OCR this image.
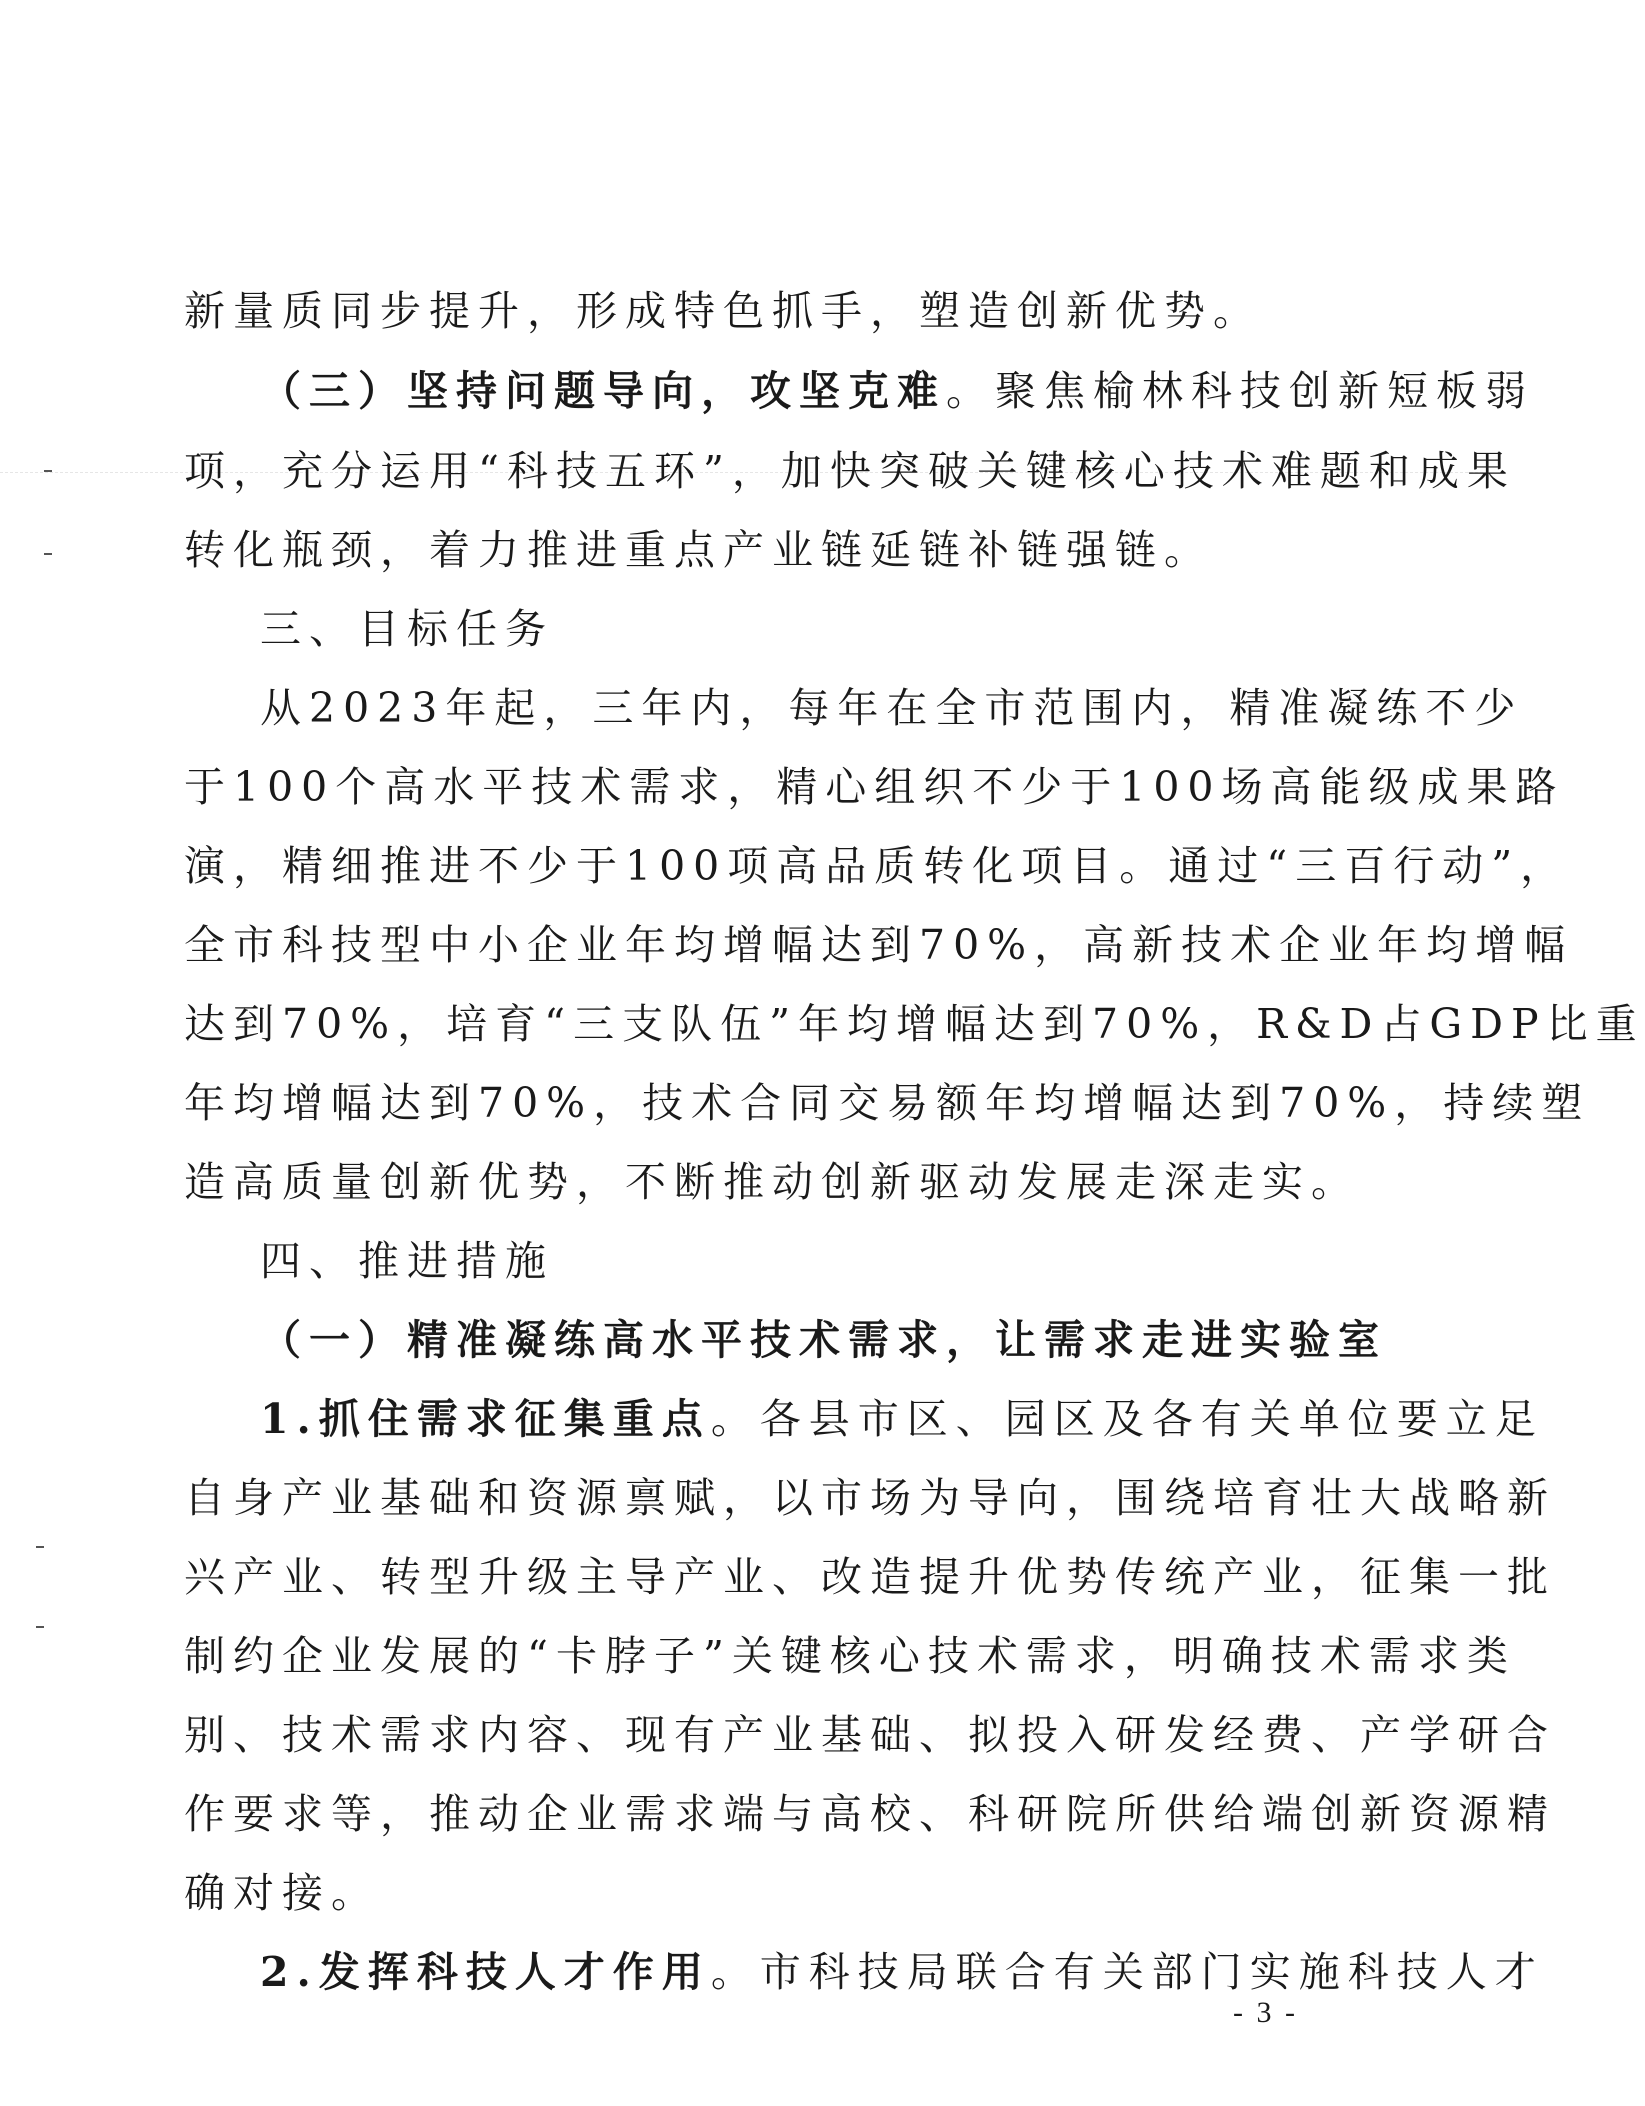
新量质同步提升，形成特色抓手，塑造创新优势。
（三）坚持问题导向，攻坚克难。聚焦榆林科技创新短板弱
项，充分运用“科技五环”，加快突破关键核心技术难题和成果
转化瓶颈，着力推进重点产业链延链补链强链。
三、目标任务
从2023年起，三年内，每年在全市范围内，精准凝练不少
于100个高水平技术需求，精心组织不少于100场高能级成果路
演，精细推进不少于100项高品质转化项目。通过“三百行动”，
全市科技型中小企业年均增幅达到70%，高新技术企业年均增幅
达到70%，培育“三支队伍”年均增幅达到70%，R&D占GDP比重
年均增幅达到70%，技术合同交易额年均增幅达到70%，持续塑
造高质量创新优势，不断推动创新驱动发展走深走实。
四、推进措施
（一）精准凝练高水平技术需求，让需求走进实验室
1.抓住需求征集重点。各县市区、园区及各有关单位要立足
自身产业基础和资源禀赋，以市场为导向，围绕培育壮大战略新
兴产业、转型升级主导产业、改造提升优势传统产业，征集一批
制约企业发展的“卡脖子”关键核心技术需求，明确技术需求类
别、技术需求内容、现有产业基础、拟投入研发经费、产学研合
作要求等，推动企业需求端与高校、科研院所供给端创新资源精
确对接。
2.发挥科技人才作用。市科技局联合有关部门实施科技人才
- 3 -
